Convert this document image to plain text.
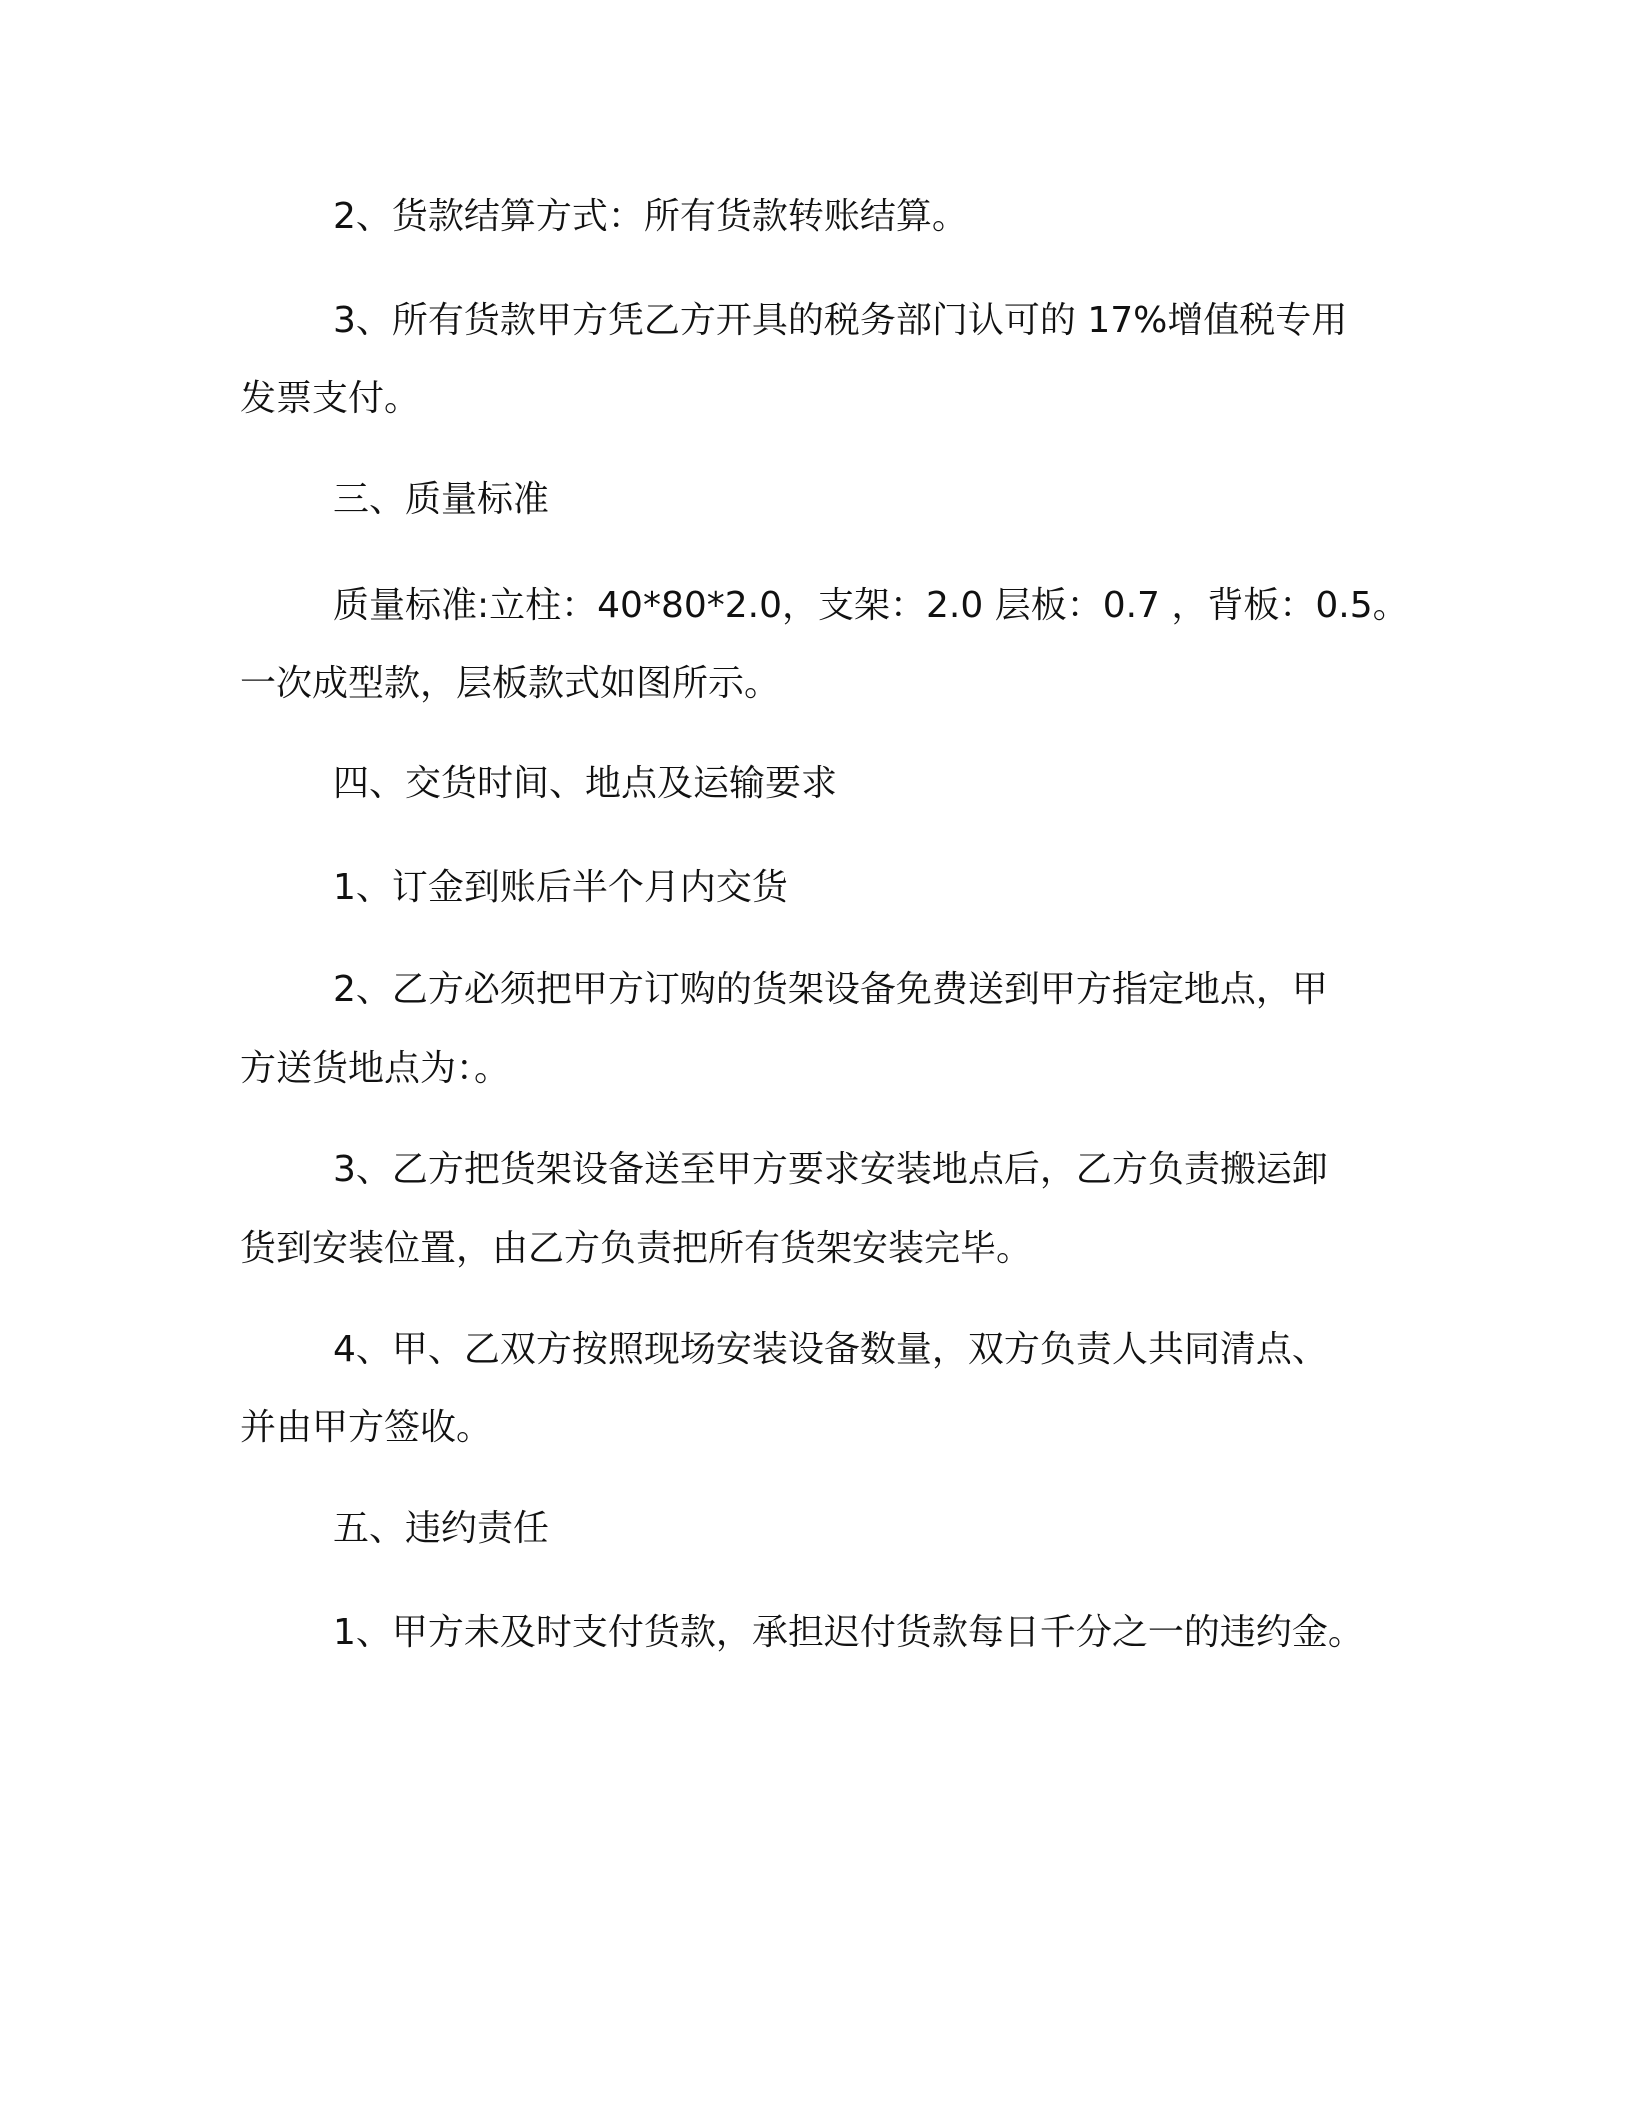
2、货款结算方式：所有货款转账结算。
3、所有货款甲方凭乙方开具的税务部门认可的 17%增值税专用
发票支付。
三、质量标准
质量标准:立柱：40*80*2.0，支架：2.0 层板：0.7 ，背板：0.5。
一次成型款，层板款式如图所示。
四、交货时间、地点及运输要求
1、订金到账后半个月内交货
2、乙方必须把甲方订购的货架设备免费送到甲方指定地点，甲
方送货地点为：。
3、乙方把货架设备送至甲方要求安装地点后，乙方负责搬运卸
货到安装位置，由乙方负责把所有货架安装完毕。
4、甲、乙双方按照现场安装设备数量，双方负责人共同清点、
并由甲方签收。
五、违约责任
1、甲方未及时支付货款，承担迟付货款每日千分之一的违约金。
